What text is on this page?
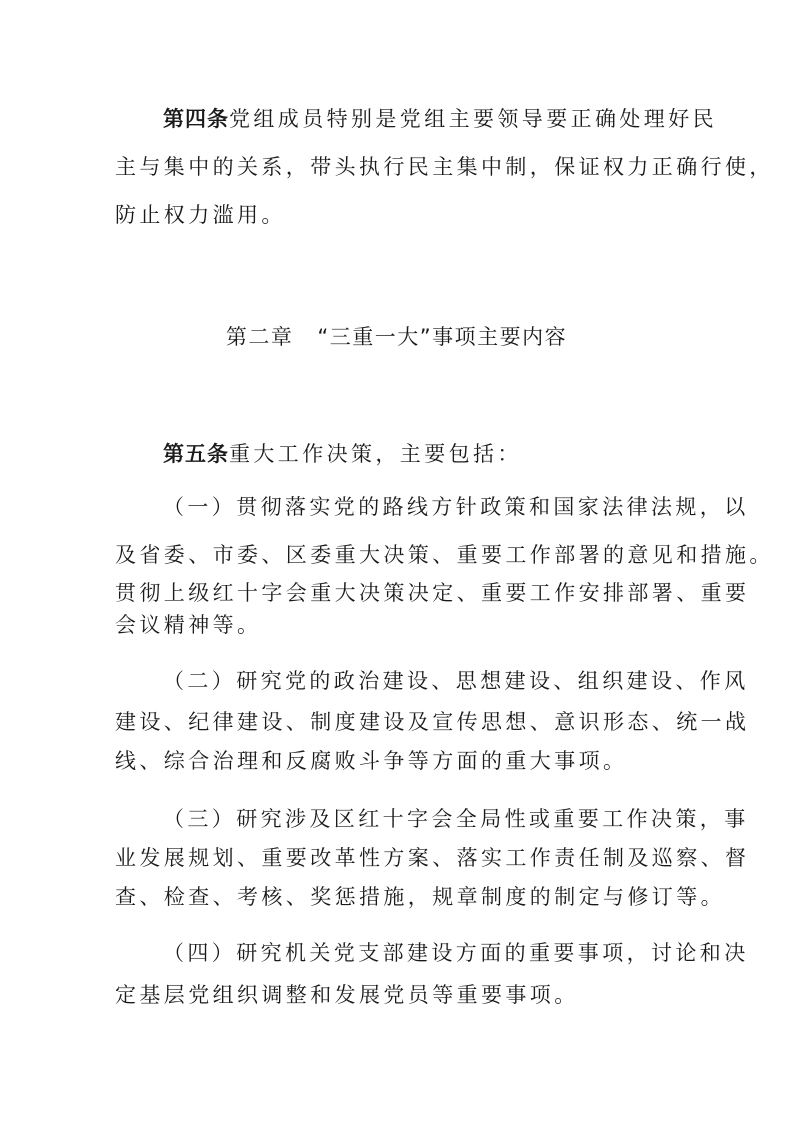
第四条党组成员特别是党组主要领导要正确处理好民
主与集中的关系，带头执行民主集中制，保证权力正确行使，
防止权力滥用。
第二章 “三重一大”事项主要内容
第五条重大工作决策，主要包括：
（一）贯彻落实党的路线方针政策和国家法律法规，以
及省委、市委、区委重大决策、重要工作部署的意见和措施。
贯彻上级红十字会重大决策决定、重要工作安排部署、重要
会议精神等。
（二）研究党的政治建设、思想建设、组织建设、作风
建设、纪律建设、制度建设及宣传思想、意识形态、统一战
线、综合治理和反腐败斗争等方面的重大事项。
（三）研究涉及区红十字会全局性或重要工作决策，事
业发展规划、重要改革性方案、落实工作责任制及巡察、督
查、检查、考核、奖惩措施，规章制度的制定与修订等。
（四）研究机关党支部建设方面的重要事项，讨论和决
定基层党组织调整和发展党员等重要事项。
